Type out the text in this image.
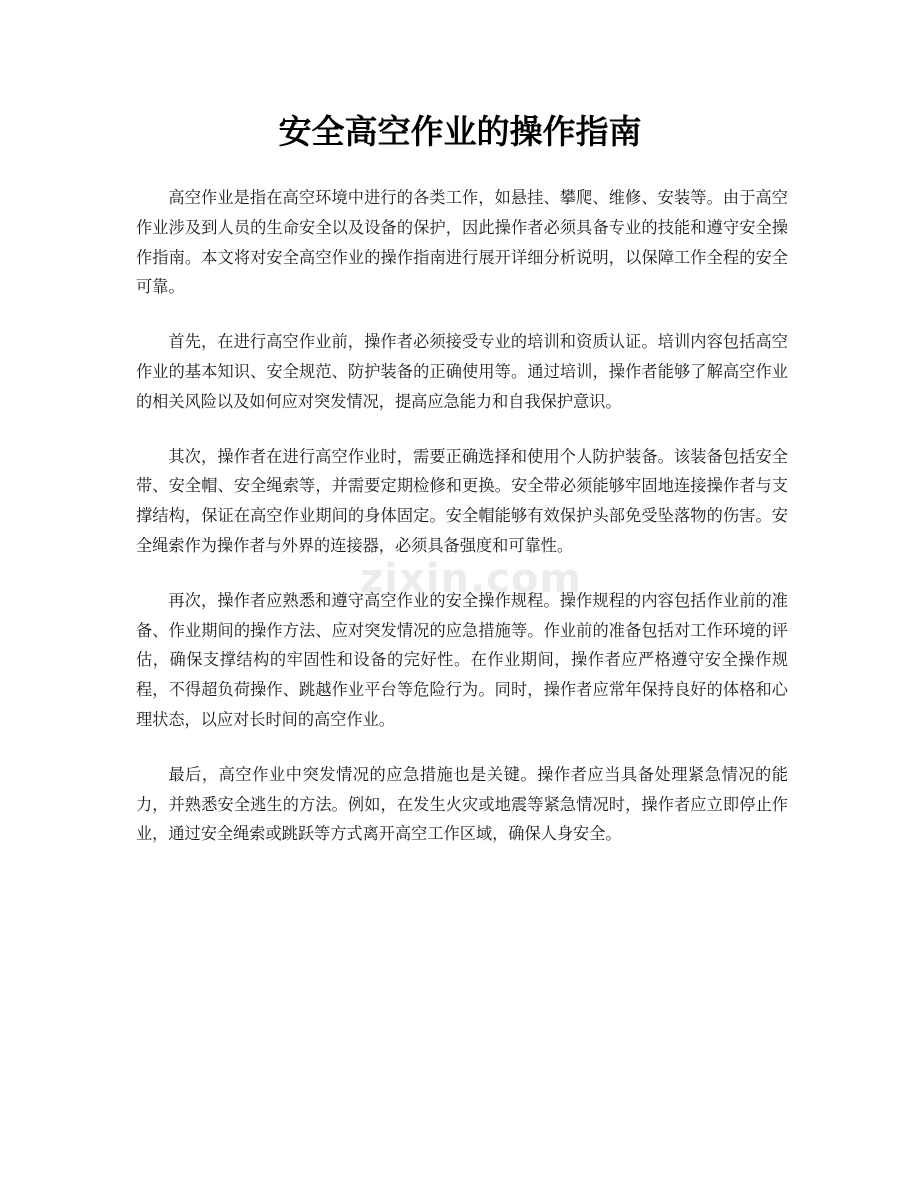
安全高空作业的操作指南
zixin.com

高空作业是指在高空环境中进行的各类工作，如悬挂、攀爬、维修、安装等。由于高空作业涉及到人员的生命安全以及设备的保护，因此操作者必须具备专业的技能和遵守安全操作指南。本文将对安全高空作业的操作指南进行展开详细分析说明，以保障工作全程的安全可靠。

首先，在进行高空作业前，操作者必须接受专业的培训和资质认证。培训内容包括高空作业的基本知识、安全规范、防护装备的正确使用等。通过培训，操作者能够了解高空作业的相关风险以及如何应对突发情况，提高应急能力和自我保护意识。

其次，操作者在进行高空作业时，需要正确选择和使用个人防护装备。该装备包括安全带、安全帽、安全绳索等，并需要定期检修和更换。安全带必须能够牢固地连接操作者与支撑结构，保证在高空作业期间的身体固定。安全帽能够有效保护头部免受坠落物的伤害。安全绳索作为操作者与外界的连接器，必须具备强度和可靠性。

再次，操作者应熟悉和遵守高空作业的安全操作规程。操作规程的内容包括作业前的准备、作业期间的操作方法、应对突发情况的应急措施等。作业前的准备包括对工作环境的评估，确保支撑结构的牢固性和设备的完好性。在作业期间，操作者应严格遵守安全操作规程，不得超负荷操作、跳越作业平台等危险行为。同时，操作者应常年保持良好的体格和心理状态，以应对长时间的高空作业。

最后，高空作业中突发情况的应急措施也是关键。操作者应当具备处理紧急情况的能力，并熟悉安全逃生的方法。例如，在发生火灾或地震等紧急情况时，操作者应立即停止作业，通过安全绳索或跳跃等方式离开高空工作区域，确保人身安全。
